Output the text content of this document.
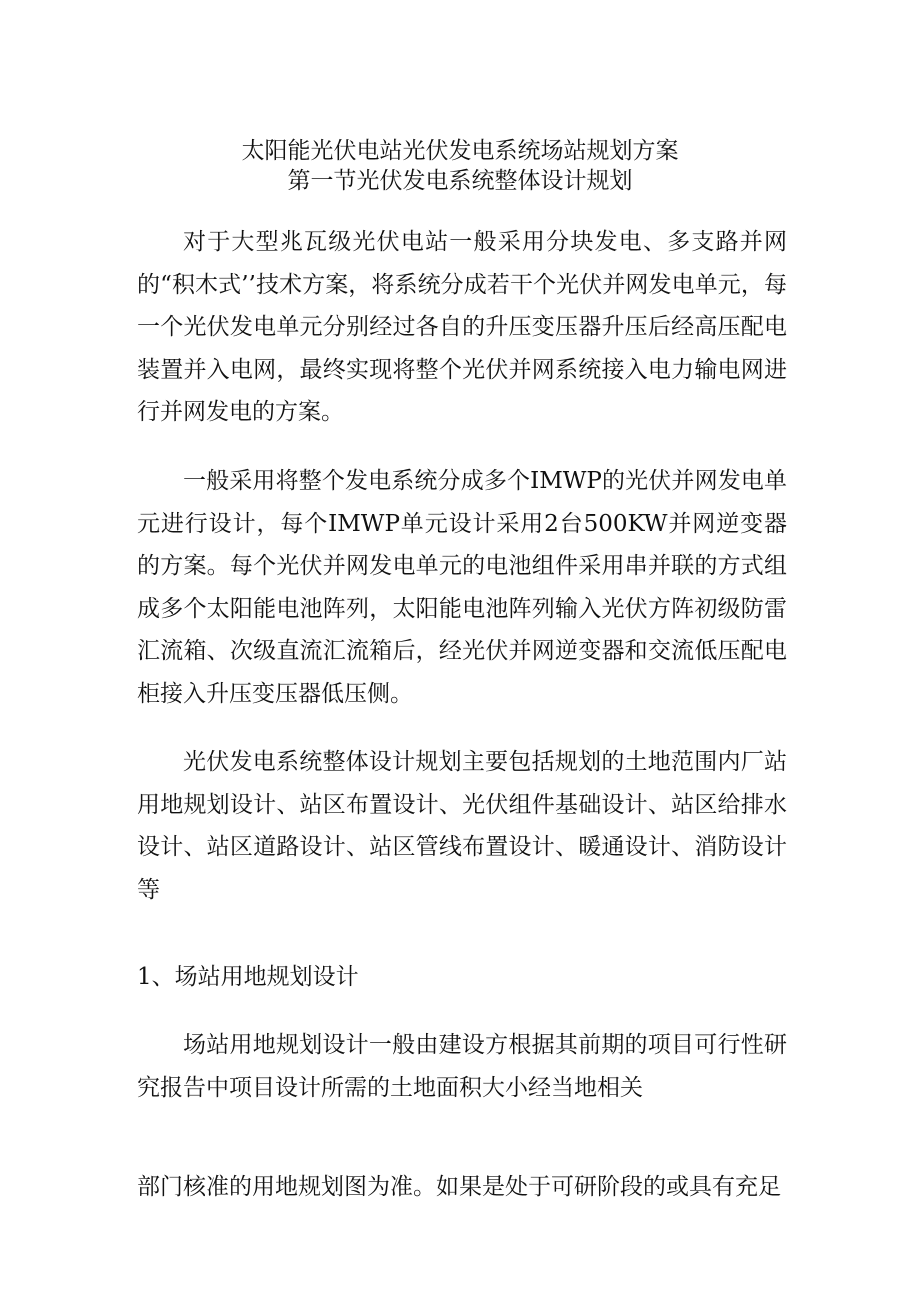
太阳能光伏电站光伏发电系统场站规划方案
第一节光伏发电系统整体设计规划

对于大型兆瓦级光伏电站一般采用分块发电、多支路并网的“积木式’’技术方案，将系统分成若干个光伏并网发电单元，每一个光伏发电单元分别经过各自的升压变压器升压后经高压配电装置并入电网，最终实现将整个光伏并网系统接入电力输电网进行并网发电的方案。

一般采用将整个发电系统分成多个IMWP的光伏并网发电单元进行设计，每个IMWP单元设计采用2台500KW并网逆变器的方案。每个光伏并网发电单元的电池组件采用串并联的方式组成多个太阳能电池阵列，太阳能电池阵列输入光伏方阵初级防雷汇流箱、次级直流汇流箱后，经光伏并网逆变器和交流低压配电柜接入升压变压器低压侧。

光伏发电系统整体设计规划主要包括规划的土地范围内厂站用地规划设计、站区布置设计、光伏组件基础设计、站区给排水设计、站区道路设计、站区管线布置设计、暖通设计、消防设计等

1、场站用地规划设计

场站用地规划设计一般由建设方根据其前期的项目可行性研究报告中项目设计所需的土地面积大小经当地相关

部门核准的用地规划图为准。如果是处于可研阶段的或具有充足
